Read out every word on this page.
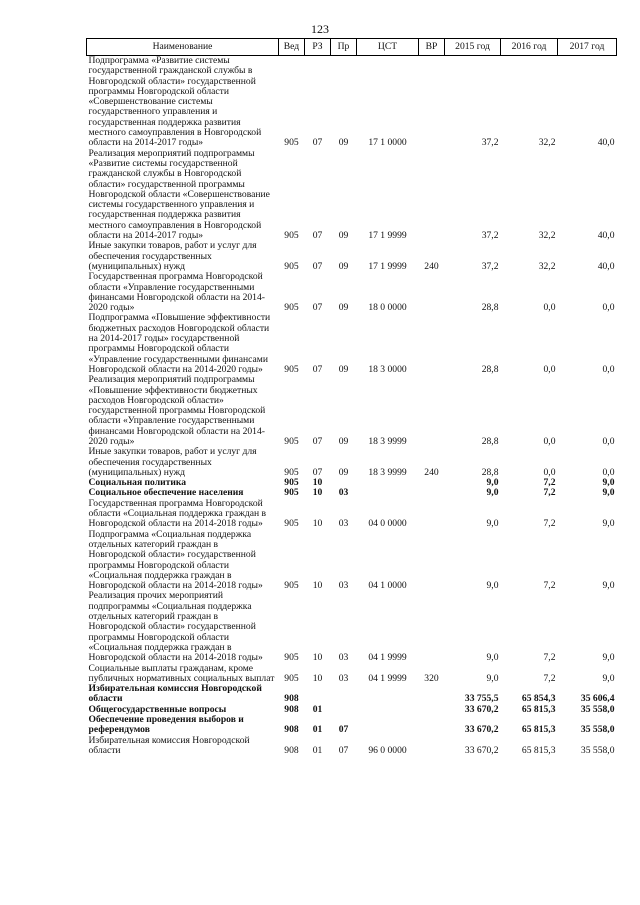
123
Наименование	Вед	РЗ	Пр	ЦСТ	ВР	2015 год	2016 год	2017 год
Подпрограмма «Развитие системы государственной гражданской службы в Новгородской области» государственной программы Новгородской области «Совершенствование системы государственного управления и государственная поддержка развития местного самоуправления в Новгородской области на 2014-2017 годы»	905	07	09	17 1 0000		37,2	32,2	40,0
Реализация мероприятий подпрограммы «Развитие системы государственной гражданской службы в Новгородской области» государственной программы Новгородской области «Совершенствование системы государственного управления и государственная поддержка развития местного самоуправления в Новгородской области на 2014-2017 годы»	905	07	09	17 1 9999		37,2	32,2	40,0
Иные закупки товаров, работ и услуг для обеспечения государственных (муниципальных) нужд	905	07	09	17 1 9999	240	37,2	32,2	40,0
Государственная программа Новгородской области «Управление государственными финансами Новгородской области на 2014-2020 годы»	905	07	09	18 0 0000		28,8	0,0	0,0
Подпрограмма «Повышение эффективности бюджетных расходов Новгородской области на 2014-2017 годы» государственной программы Новгородской области «Управление государственными финансами Новгородской области на 2014-2020 годы»	905	07	09	18 3 0000		28,8	0,0	0,0
Реализация мероприятий подпрограммы «Повышение эффективности бюджетных расходов Новгородской области» государственной программы Новгородской области «Управление государственными финансами Новгородской области на 2014-2020 годы»	905	07	09	18 3 9999		28,8	0,0	0,0
Иные закупки товаров, работ и услуг для обеспечения государственных (муниципальных) нужд	905	07	09	18 3 9999	240	28,8	0,0	0,0
Социальная политика	905	10				9,0	7,2	9,0
Социальное обеспечение населения	905	10	03			9,0	7,2	9,0
Государственная программа Новгородской области «Социальная поддержка граждан в Новгородской области на 2014-2018 годы»	905	10	03	04 0 0000		9,0	7,2	9,0
Подпрограмма «Социальная поддержка отдельных категорий граждан в Новгородской области» государственной программы Новгородской области «Социальная поддержка граждан в Новгородской области на 2014-2018 годы»	905	10	03	04 1 0000		9,0	7,2	9,0
Реализация прочих мероприятий подпрограммы «Социальная поддержка отдельных категорий граждан в Новгородской области» государственной программы Новгородской области «Социальная поддержка граждан в Новгородской области на 2014-2018 годы»	905	10	03	04 1 9999		9,0	7,2	9,0
Социальные выплаты гражданам, кроме публичных нормативных социальных выплат	905	10	03	04 1 9999	320	9,0	7,2	9,0
Избирательная комиссия Новгородской области	908					33 755,5	65 854,3	35 606,4
Общегосударственные вопросы	908	01				33 670,2	65 815,3	35 558,0
Обеспечение проведения выборов и референдумов	908	01	07			33 670,2	65 815,3	35 558,0
Избирательная комиссия Новгородской области	908	01	07	96 0 0000		33 670,2	65 815,3	35 558,0
